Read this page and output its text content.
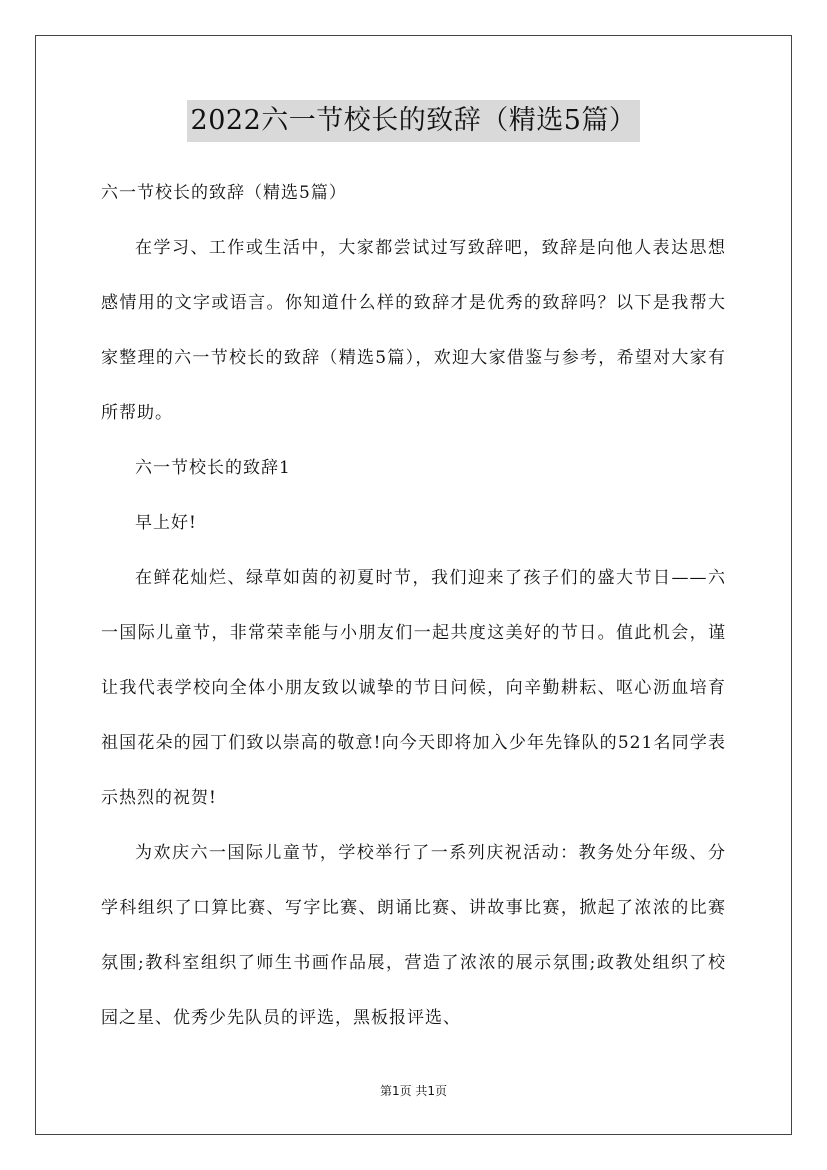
2022六一节校长的致辞（精选5篇）

六一节校长的致辞（精选5篇）

在学习、工作或生活中，大家都尝试过写致辞吧，致辞是向他人表达思想感情用的文字或语言。你知道什么样的致辞才是优秀的致辞吗？以下是我帮大家整理的六一节校长的致辞（精选5篇），欢迎大家借鉴与参考，希望对大家有所帮助。

六一节校长的致辞1

早上好!

在鲜花灿烂、绿草如茵的初夏时节，我们迎来了孩子们的盛大节日——六一国际儿童节，非常荣幸能与小朋友们一起共度这美好的节日。值此机会，谨让我代表学校向全体小朋友致以诚挚的节日问候，向辛勤耕耘、呕心沥血培育祖国花朵的园丁们致以崇高的敬意!向今天即将加入少年先锋队的521名同学表示热烈的祝贺!

为欢庆六一国际儿童节，学校举行了一系列庆祝活动：教务处分年级、分学科组织了口算比赛、写字比赛、朗诵比赛、讲故事比赛，掀起了浓浓的比赛氛围;教科室组织了师生书画作品展，营造了浓浓的展示氛围;政教处组织了校园之星、优秀少先队员的评选，黑板报评选、

第1页 共1页
